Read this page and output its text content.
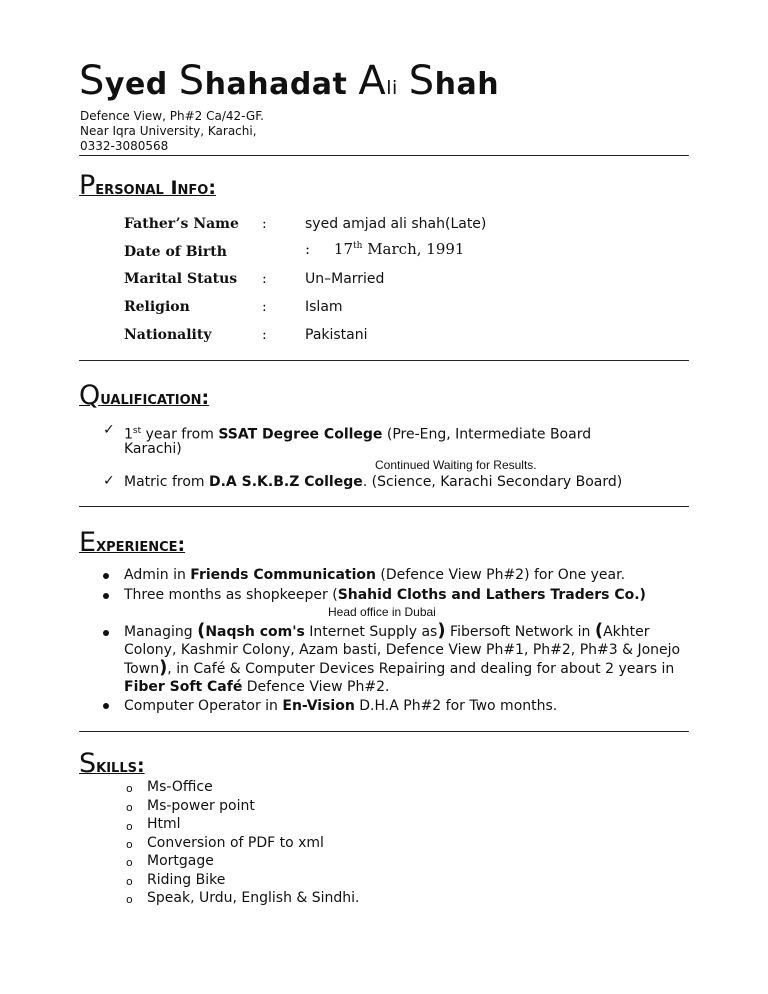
Syed Shahadat Ali Shah
Defence View, Ph#2 Ca/42-GF.
Near Iqra University, Karachi,
0332-3080568
Personal Info:
Father’s Name :	syed amjad ali shah(Late)
Date of Birth	: 17th March, 1991
Marital Status :	Un–Married
Religion	:	Islam
Nationality	:	Pakistani
Qualification:
✓ 1st year from SSAT Degree College (Pre-Eng, Intermediate Board
Karachi)
Continued Waiting for Results.
✓ Matric from D.A S.K.B.Z College. (Science, Karachi Secondary Board)
Experience:
Admin in Friends Communication (Defence View Ph#2) for One year.
Three months as shopkeeper (Shahid Cloths and Lathers Traders Co.)
Head office in Dubai
Managing (Naqsh com's Internet Supply as) Fibersoft Network in (Akhter
Colony, Kashmir Colony, Azam basti, Defence View Ph#1, Ph#2, Ph#3 & Jonejo
Town), in Café & Computer Devices Repairing and dealing for about 2 years in
Fiber Soft Café Defence View Ph#2.
Computer Operator in En-Vision D.H.A Ph#2 for Two months.
Skills:
o Ms-Office
o Ms-power point
o Html
o Conversion of PDF to xml
o Mortgage
o Riding Bike
o Speak, Urdu, English & Sindhi.
